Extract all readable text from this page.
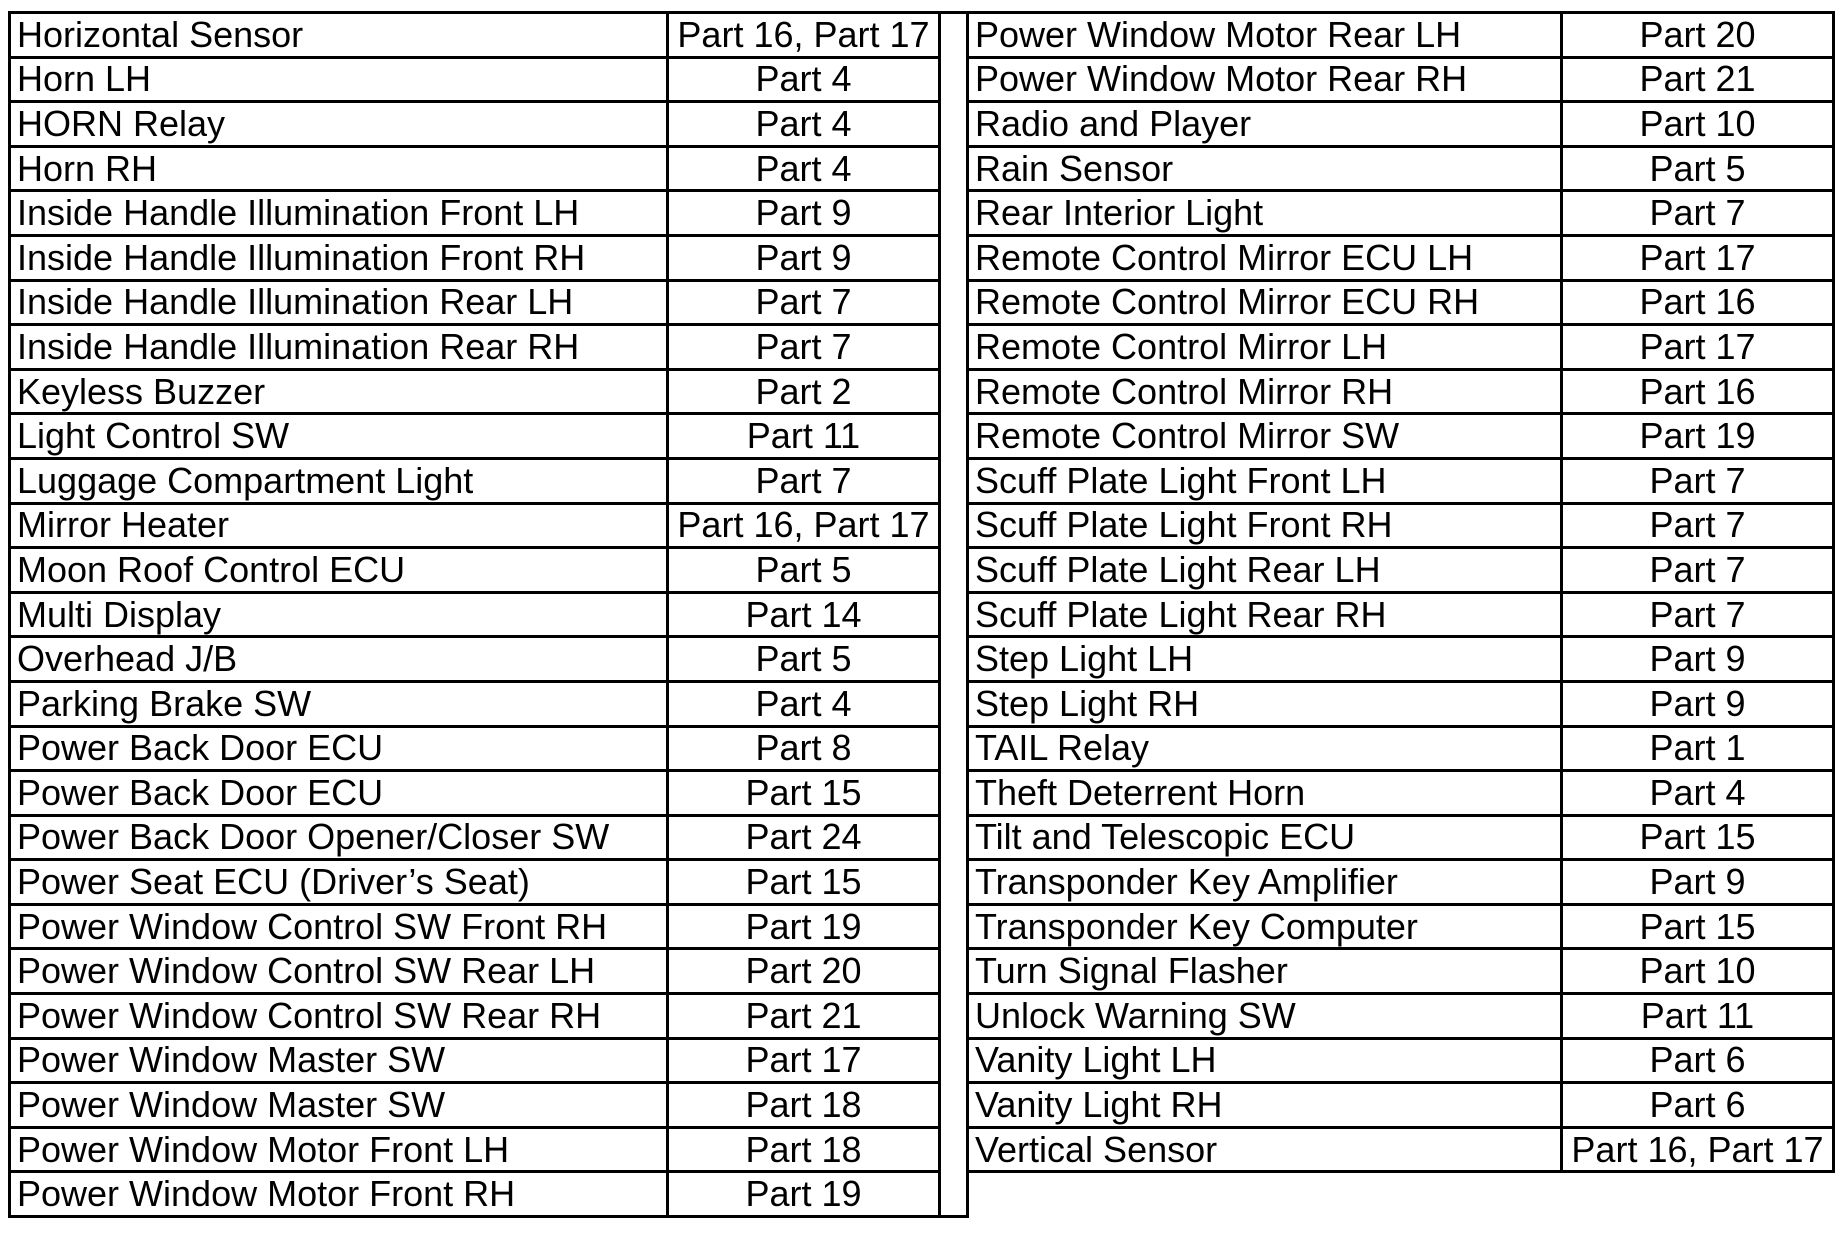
Horizontal Sensor	Part 16, Part 17	
Horn LH	Part 4	
HORN Relay	Part 4	
Horn RH	Part 4	
Inside Handle Illumination Front LH	Part 9	
Inside Handle Illumination Front RH	Part 9	
Inside Handle Illumination Rear LH	Part 7	
Inside Handle Illumination Rear RH	Part 7	
Keyless Buzzer	Part 2	
Light Control SW	Part 11	
Luggage Compartment Light	Part 7	
Mirror Heater	Part 16, Part 17	
Moon Roof Control ECU	Part 5	
Multi Display	Part 14	
Overhead J/B	Part 5	
Parking Brake SW	Part 4	
Power Back Door ECU	Part 8	
Power Back Door ECU	Part 15	
Power Back Door Opener/Closer SW	Part 24	
Power Seat ECU (Driver’s Seat)	Part 15	
Power Window Control SW Front RH	Part 19	
Power Window Control SW Rear LH	Part 20	
Power Window Control SW Rear RH	Part 21	
Power Window Master SW	Part 17	
Power Window Master SW	Part 18	
Power Window Motor Front LH	Part 18	
Power Window Motor Front RH	Part 19	
Power Window Motor Rear LH	Part 20
Power Window Motor Rear RH	Part 21
Radio and Player	Part 10
Rain Sensor	Part 5
Rear Interior Light	Part 7
Remote Control Mirror ECU LH	Part 17
Remote Control Mirror ECU RH	Part 16
Remote Control Mirror LH	Part 17
Remote Control Mirror RH	Part 16
Remote Control Mirror SW	Part 19
Scuff Plate Light Front LH	Part 7
Scuff Plate Light Front RH	Part 7
Scuff Plate Light Rear LH	Part 7
Scuff Plate Light Rear RH	Part 7
Step Light LH	Part 9
Step Light RH	Part 9
TAIL Relay	Part 1
Theft Deterrent Horn	Part 4
Tilt and Telescopic ECU	Part 15
Transponder Key Amplifier	Part 9
Transponder Key Computer	Part 15
Turn Signal Flasher	Part 10
Unlock Warning SW	Part 11
Vanity Light LH	Part 6
Vanity Light RH	Part 6
Vertical Sensor	Part 16, Part 17
